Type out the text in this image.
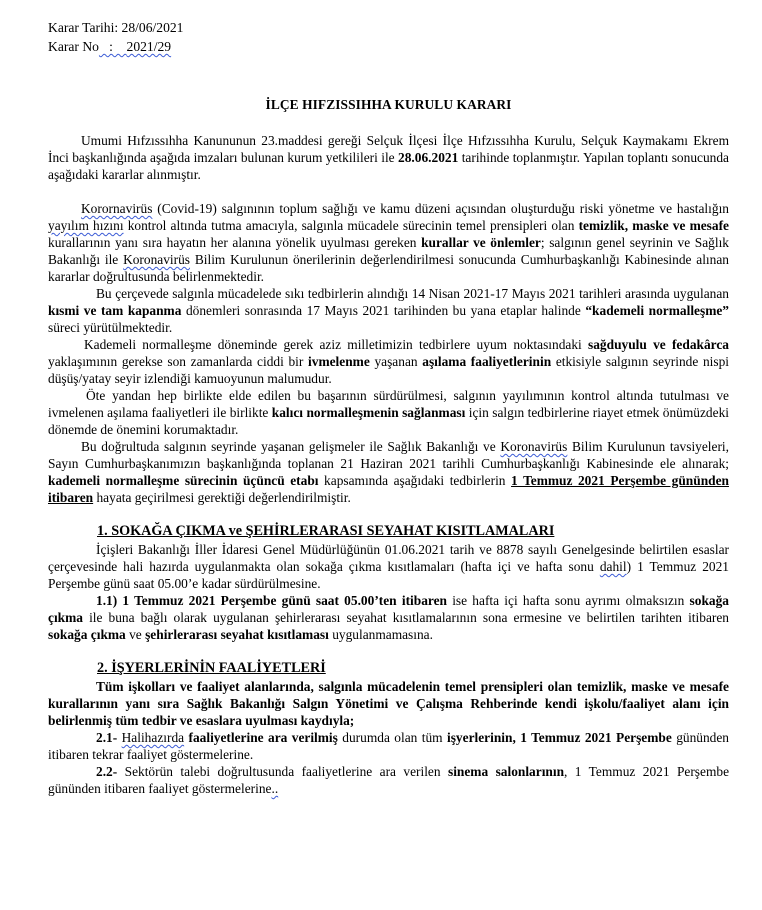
Karar Tarihi: 28/06/2021
Karar No   :    2021/29
İLÇE HIFZISSIHHA KURULU KARARI

Umumi Hıfzıssıhha Kanununun 23.maddesi gereği Selçuk İlçesi İlçe Hıfzıssıhha Kurulu, Selçuk Kaymakamı Ekrem İnci başkanlığında aşağıda imzaları bulunan kurum yetkilileri ile 28.06.2021 tarihinde toplanmıştır. Yapılan toplantı sonucunda aşağıdaki kararlar alınmıştır.

Korornavirüs (Covid-19) salgınının toplum sağlığı ve kamu düzeni açısından oluşturduğu riski yönetme ve hastalığın yayılım hızını kontrol altında tutma amacıyla, salgınla mücadele sürecinin temel prensipleri olan temizlik, maske ve mesafe kurallarının yanı sıra hayatın her alanına yönelik uyulması gereken kurallar ve önlemler; salgının genel seyrinin ve Sağlık Bakanlığı ile Koronavirüs Bilim Kurulunun önerilerinin değerlendirilmesi sonucunda Cumhurbaşkanlığı Kabinesinde alınan kararlar doğrultusunda belirlenmektedir.

Bu çerçevede salgınla mücadelede sıkı tedbirlerin alındığı 14 Nisan 2021-17 Mayıs 2021 tarihleri arasında uygulanan kısmi ve tam kapanma dönemleri sonrasında 17 Mayıs 2021 tarihinden bu yana etaplar halinde “kademeli normalleşme” süreci yürütülmektedir.

Kademeli normalleşme döneminde gerek aziz milletimizin tedbirlere uyum noktasındaki sağduyulu ve fedakârca yaklaşımının gerekse son zamanlarda ciddi bir ivmelenme yaşanan aşılama faaliyetlerinin etkisiyle salgının seyrinde nispi düşüş/yatay seyir izlendiği kamuoyunun malumudur.

Öte yandan hep birlikte elde edilen bu başarının sürdürülmesi, salgının yayılımının kontrol altında tutulması ve ivmelenen aşılama faaliyetleri ile birlikte kalıcı normalleşmenin sağlanması için salgın tedbirlerine riayet etmek önümüzdeki dönemde de önemini korumaktadır.

Bu doğrultuda salgının seyrinde yaşanan gelişmeler ile Sağlık Bakanlığı ve Koronavirüs Bilim Kurulunun tavsiyeleri, Sayın Cumhurbaşkanımızın başkanlığında toplanan 21 Haziran 2021 tarihli Cumhurbaşkanlığı Kabinesinde ele alınarak; kademeli normalleşme sürecinin üçüncü etabı kapsamında aşağıdaki tedbirlerin 1 Temmuz 2021 Perşembe gününden itibaren hayata geçirilmesi gerektiği değerlendirilmiştir.

1. SOKAĞA ÇIKMA ve ŞEHİRLERARASI SEYAHAT KISITLAMALARI

İçişleri Bakanlığı İller İdaresi Genel Müdürlüğünün 01.06.2021 tarih ve 8878 sayılı Genelgesinde belirtilen esaslar çerçevesinde hali hazırda uygulanmakta olan sokağa çıkma kısıtlamaları (hafta içi ve hafta sonu dahil) 1 Temmuz 2021 Perşembe günü saat 05.00’e kadar sürdürülmesine.

1.1) 1 Temmuz 2021 Perşembe günü saat 05.00’ten itibaren ise hafta içi hafta sonu ayrımı olmaksızın sokağa çıkma ile buna bağlı olarak uygulanan şehirlerarası seyahat kısıtlamalarının sona ermesine ve belirtilen tarihten itibaren sokağa çıkma ve şehirlerarası seyahat kısıtlaması uygulanmamasına.

2. İŞYERLERİNİN FAALİYETLERİ

Tüm işkolları ve faaliyet alanlarında, salgınla mücadelenin temel prensipleri olan temizlik, maske ve mesafe kurallarının yanı sıra Sağlık Bakanlığı Salgın Yönetimi ve Çalışma Rehberinde kendi işkolu/faaliyet alanı için belirlenmiş tüm tedbir ve esaslara uyulması kaydıyla;

2.1- Halihazırda faaliyetlerine ara verilmiş durumda olan tüm işyerlerinin, 1 Temmuz 2021 Perşembe gününden itibaren tekrar faaliyet göstermelerine.

2.2- Sektörün talebi doğrultusunda faaliyetlerine ara verilen sinema salonlarının, 1 Temmuz 2021 Perşembe gününden itibaren faaliyet göstermelerine..
